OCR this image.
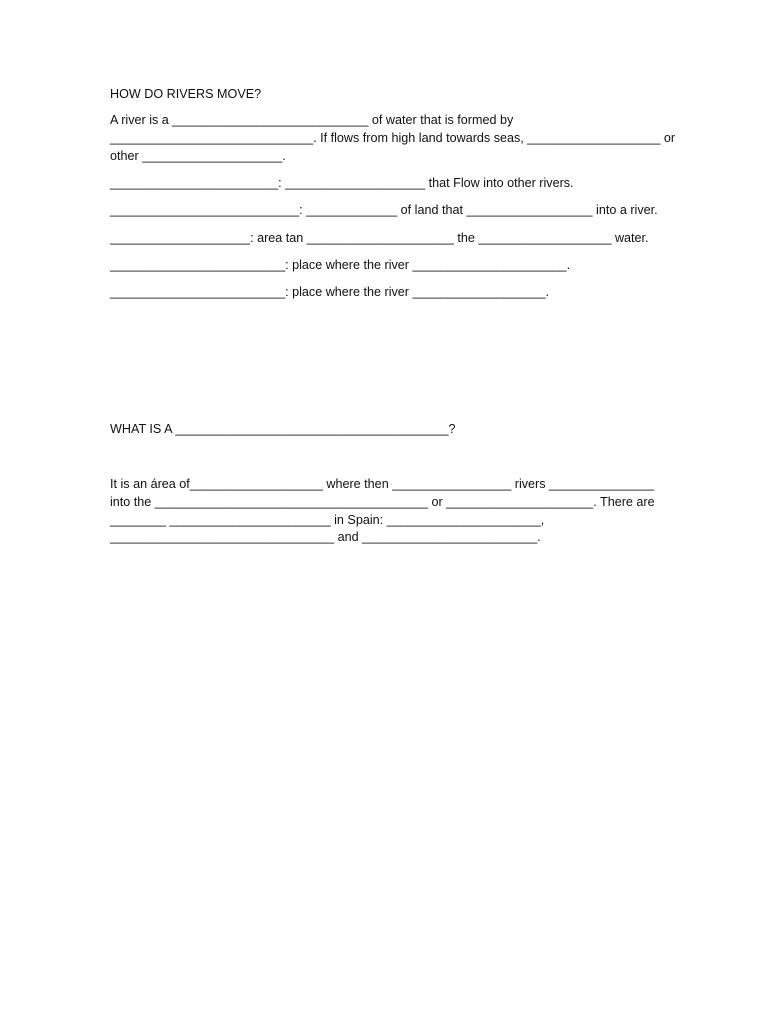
HOW DO RIVERS MOVE?
A river is a ____________________________ of water that is formed by
_____________________________. If flows from high land towards seas, ___________________ or
other ____________________.
________________________: ____________________ that Flow into other rivers.
___________________________: _____________ of land that __________________ into a river.
____________________: area tan _____________________ the ___________________ water.
_________________________: place where the river ______________________.
_________________________: place where the river ___________________.
WHAT IS A _______________________________________?
It is an área of___________________ where then _________________ rivers _______________
into the _______________________________________ or _____________________. There are
________ _______________________ in Spain: ______________________,
________________________________ and _________________________.
